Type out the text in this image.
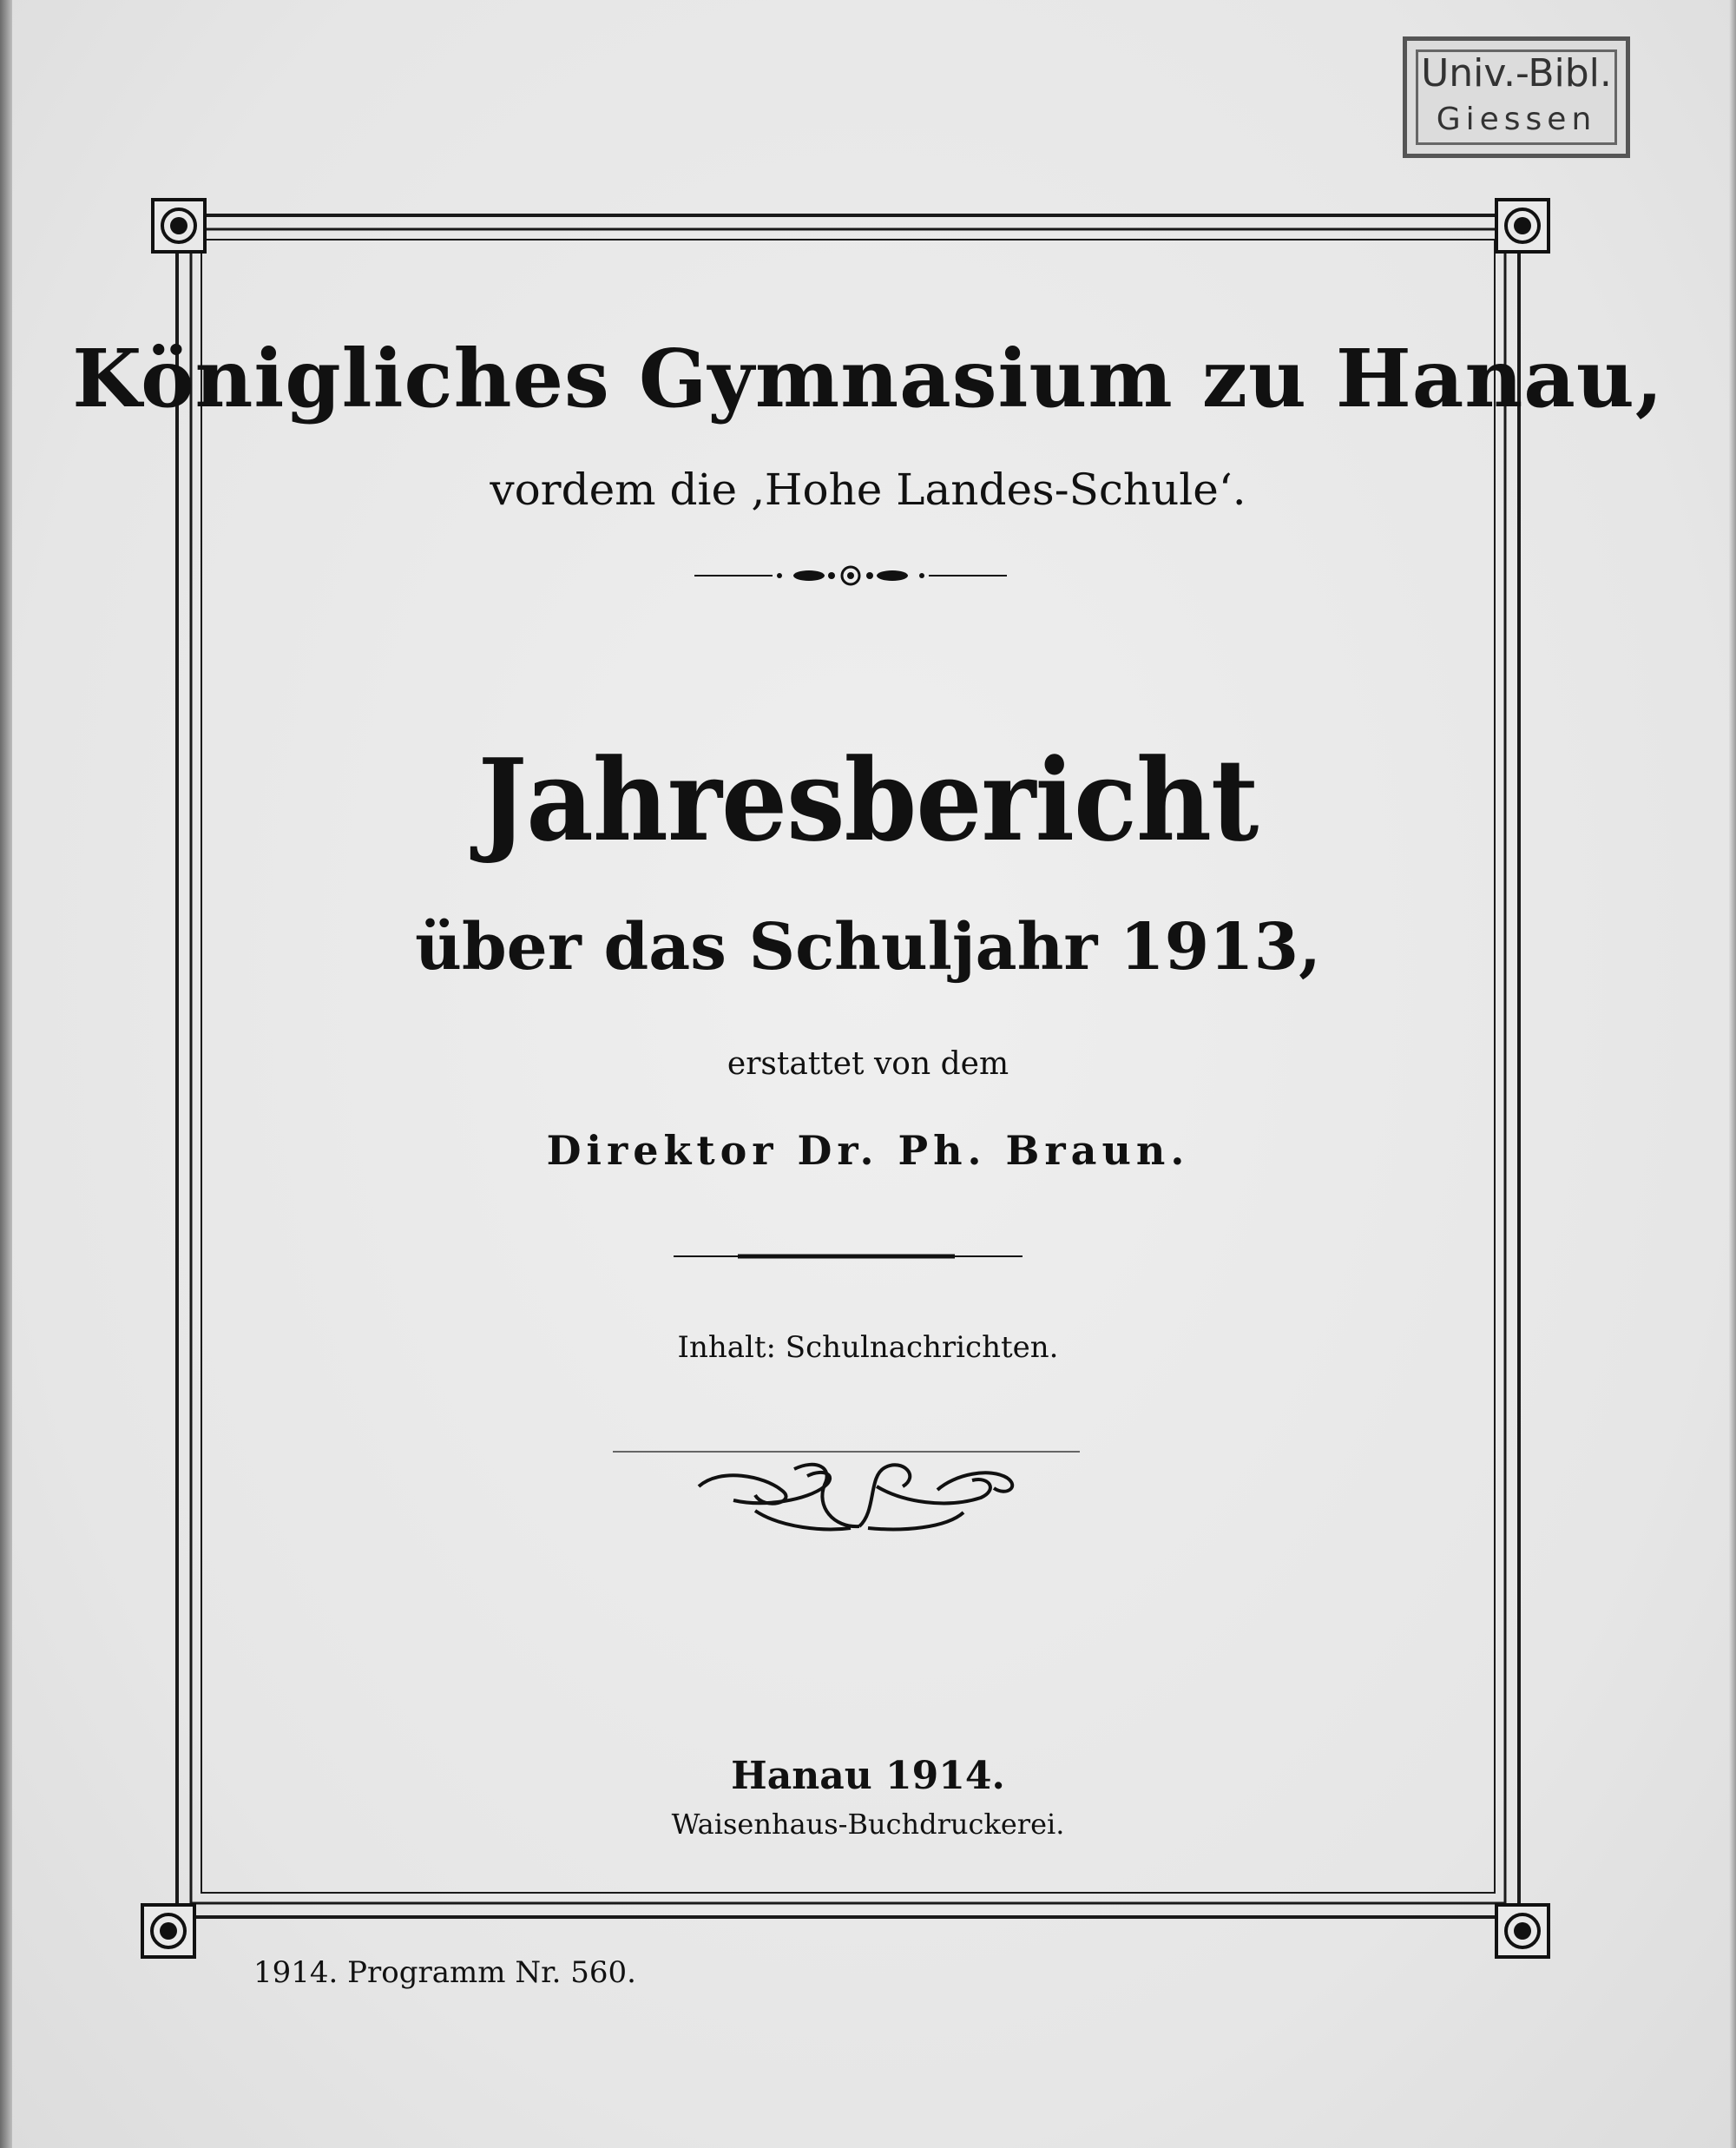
Univ.-Bibl.
Giessen
Königliches Gymnasium zu Hanau,
vordem die ‚Hohe Landes-Schule‘.
Jahresbericht
über das Schuljahr 1913,
erstattet von dem
Direktor Dr. Ph. Braun.
Inhalt: Schulnachrichten.
Hanau 1914.
Waisenhaus-Buchdruckerei.
1914. Programm Nr. 560.
